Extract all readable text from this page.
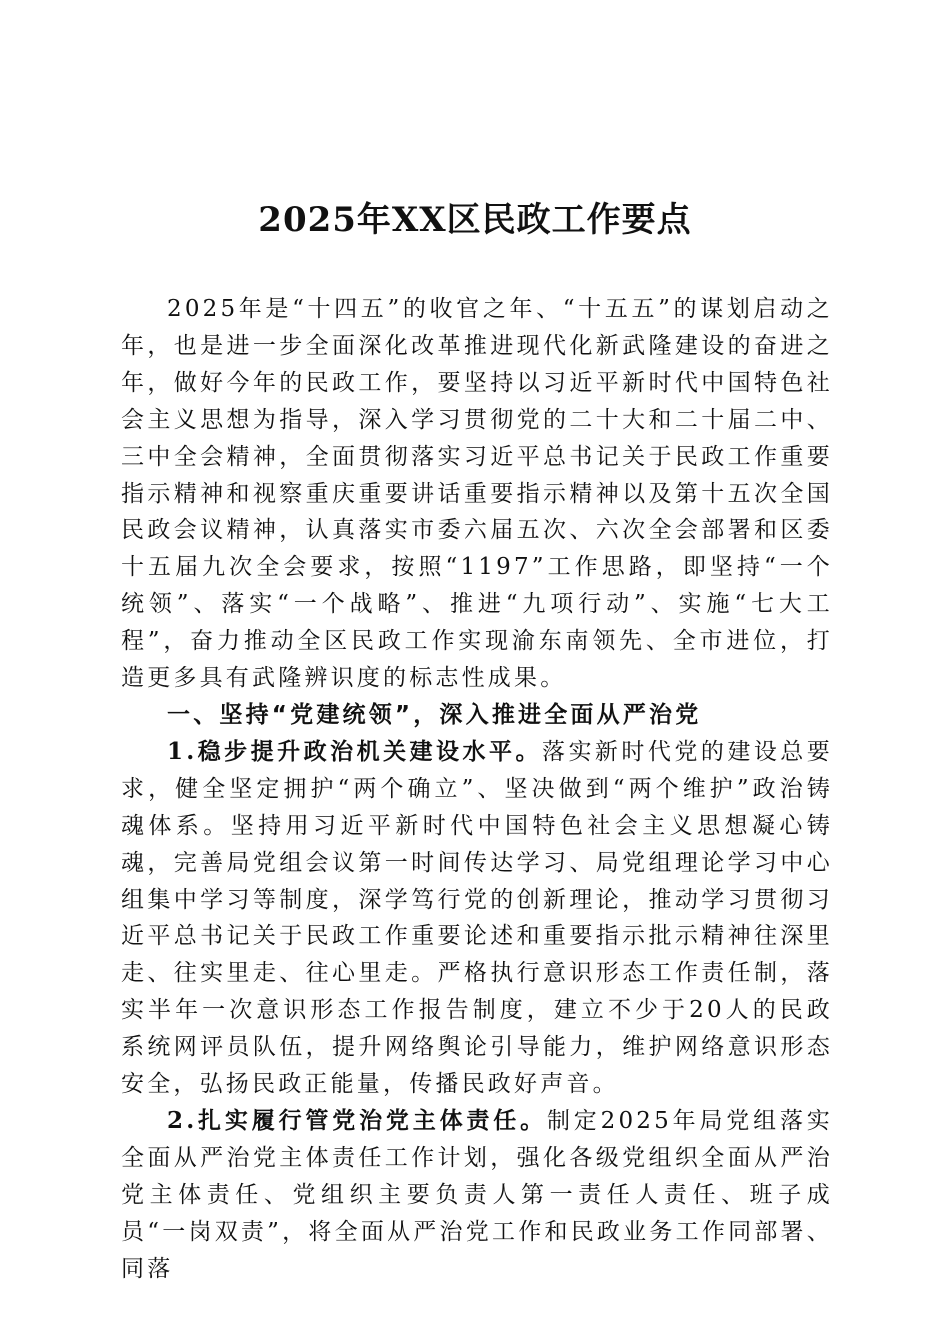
2025年XX区民政工作要点

2025年是“十四五”的收官之年、“十五五”的谋划启动之年，也是进一步全面深化改革推进现代化新武隆建设的奋进之年，做好今年的民政工作，要坚持以习近平新时代中国特色社会主义思想为指导，深入学习贯彻党的二十大和二十届二中、三中全会精神，全面贯彻落实习近平总书记关于民政工作重要指示精神和视察重庆重要讲话重要指示精神以及第十五次全国民政会议精神，认真落实市委六届五次、六次全会部署和区委十五届九次全会要求，按照“1197”工作思路，即坚持“一个统领”、落实“一个战略”、推进“九项行动”、实施“七大工程”，奋力推动全区民政工作实现渝东南领先、全市进位，打造更多具有武隆辨识度的标志性成果。

一、坚持“党建统领”，深入推进全面从严治党

1.稳步提升政治机关建设水平。落实新时代党的建设总要求，健全坚定拥护“两个确立”、坚决做到“两个维护”政治铸魂体系。坚持用习近平新时代中国特色社会主义思想凝心铸魂，完善局党组会议第一时间传达学习、局党组理论学习中心组集中学习等制度，深学笃行党的创新理论，推动学习贯彻习近平总书记关于民政工作重要论述和重要指示批示精神往深里走、往实里走、往心里走。严格执行意识形态工作责任制，落实半年一次意识形态工作报告制度，建立不少于20人的民政系统网评员队伍，提升网络舆论引导能力，维护网络意识形态安全，弘扬民政正能量，传播民政好声音。

2.扎实履行管党治党主体责任。制定2025年局党组落实全面从严治党主体责任工作计划，强化各级党组织全面从严治党主体责任、党组织主要负责人第一责任人责任、班子成员“一岗双责”，将全面从严治党工作和民政业务工作同部署、同落
